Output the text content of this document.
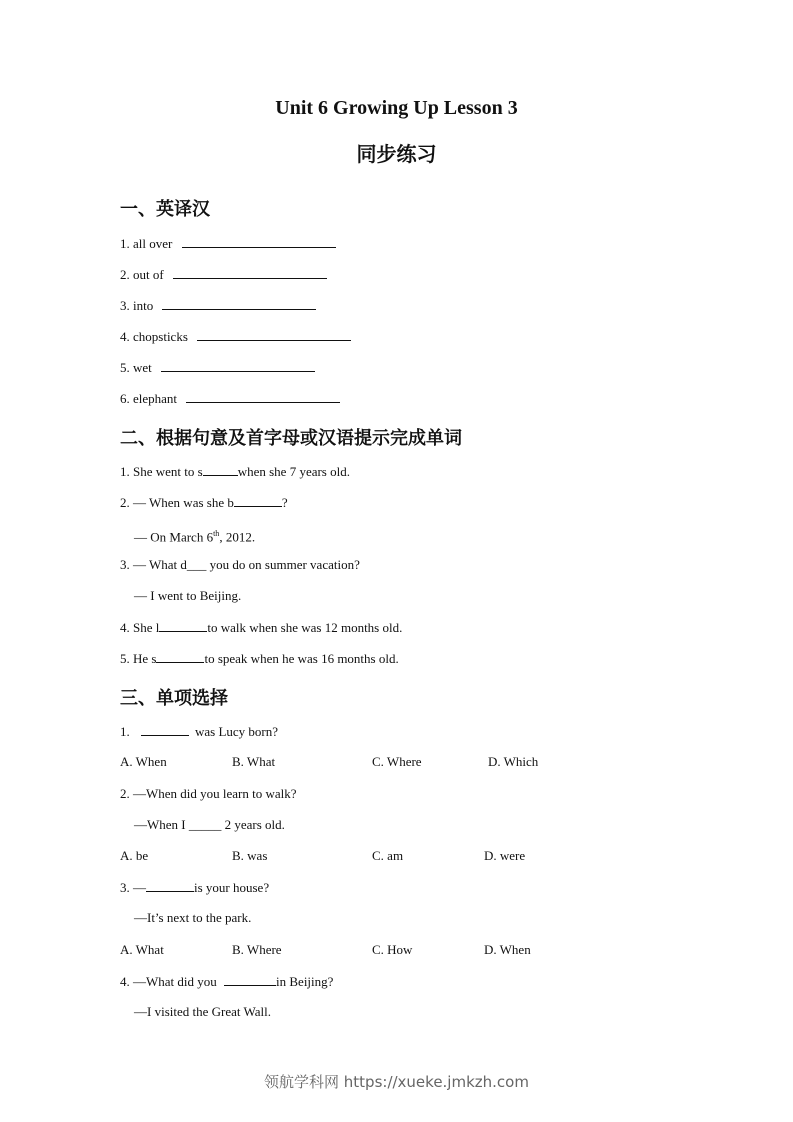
Unit 6 Growing Up Lesson 3
同步练习
一、英译汉
1. all over
2. out of
3. into
4. chopsticks
5. wet
6. elephant
二、根据句意及首字母或汉语提示完成单词
1. She went to s	when she 7 years old.
2. — When was she b	?
— On March 6th, 2012.
3. — What d___ you do on summer vacation?
— I went to Beijing.
4. She l	to walk when she was 12 months old.
5. He s	to speak when he was 16 months old.
三、单项选择
1.	was Lucy born?
A. When	B. What	C. Where	D. Which
2. —When did you learn to walk?
—When I _____ 2 years old.
A. be	B. was	C. am	D. were
3. —	is your house?
—It’s next to the park.
A. What	B. Where	C. How	D. When
4. —What did you	in Beijing?
—I visited the Great Wall.
领航学科网 https://xueke.jmkzh.com
